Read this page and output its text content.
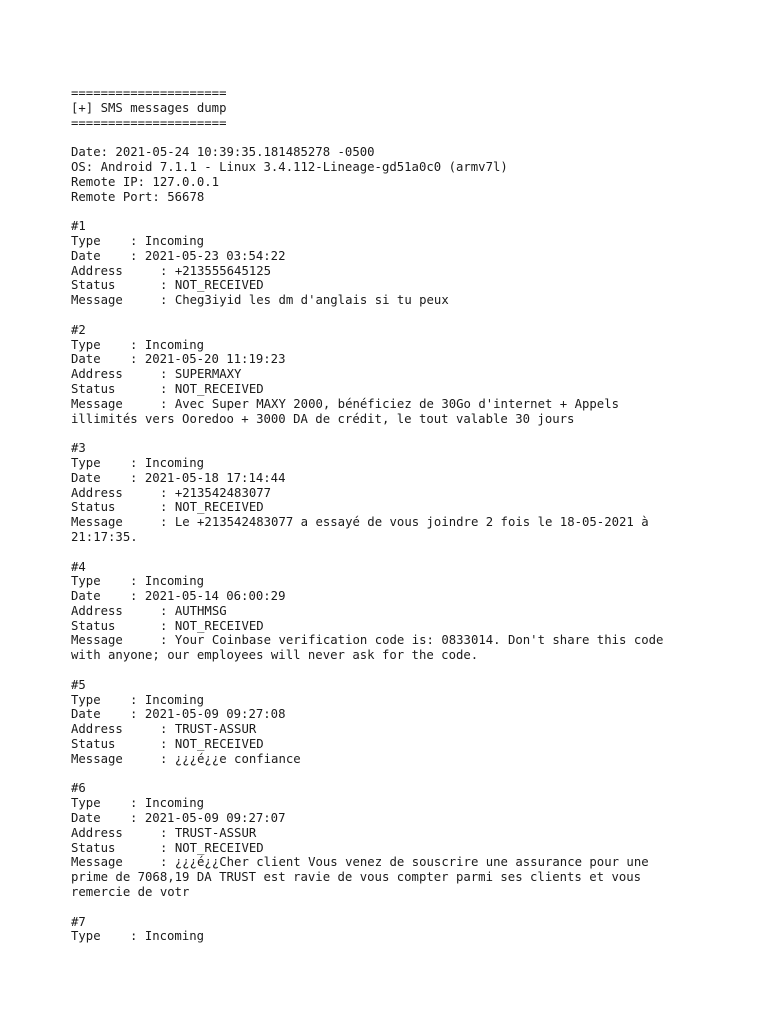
=====================
[+] SMS messages dump
=====================
Date: 2021-05-24 10:39:35.181485278 -0500
OS: Android 7.1.1 - Linux 3.4.112-Lineage-gd51a0c0 (armv7l)
Remote IP: 127.0.0.1
Remote Port: 56678
#1
Type	: Incoming
Date	: 2021-05-23 03:54:22
Address	: +213555645125
Status	: NOT_RECEIVED
Message	: Cheg3iyid les dm d'anglais si tu peux
#2
Type	: Incoming
Date	: 2021-05-20 11:19:23
Address	: SUPERMAXY
Status	: NOT_RECEIVED
Message	: Avec Super MAXY 2000, bénéficiez de 30Go d'internet + Appels
illimités vers Ooredoo + 3000 DA de crédit, le tout valable 30 jours
#3
Type	: Incoming
Date	: 2021-05-18 17:14:44
Address	: +213542483077
Status	: NOT_RECEIVED
Message	: Le +213542483077 a essayé de vous joindre 2 fois le 18-05-2021 à
21:17:35.
#4
Type	: Incoming
Date	: 2021-05-14 06:00:29
Address	: AUTHMSG
Status	: NOT_RECEIVED
Message	: Your Coinbase verification code is: 0833014. Don't share this code
with anyone; our employees will never ask for the code.
#5
Type	: Incoming
Date	: 2021-05-09 09:27:08
Address	: TRUST-ASSUR
Status	: NOT_RECEIVED
Message	: ¿¿¿é¿¿e confiance
#6
Type	: Incoming
Date	: 2021-05-09 09:27:07
Address	: TRUST-ASSUR
Status	: NOT_RECEIVED
Message	: ¿¿¿é¿¿Cher client Vous venez de souscrire une assurance pour une
prime de 7068,19 DA TRUST est ravie de vous compter parmi ses clients et vous
remercie de votr
#7
Type	: Incoming
